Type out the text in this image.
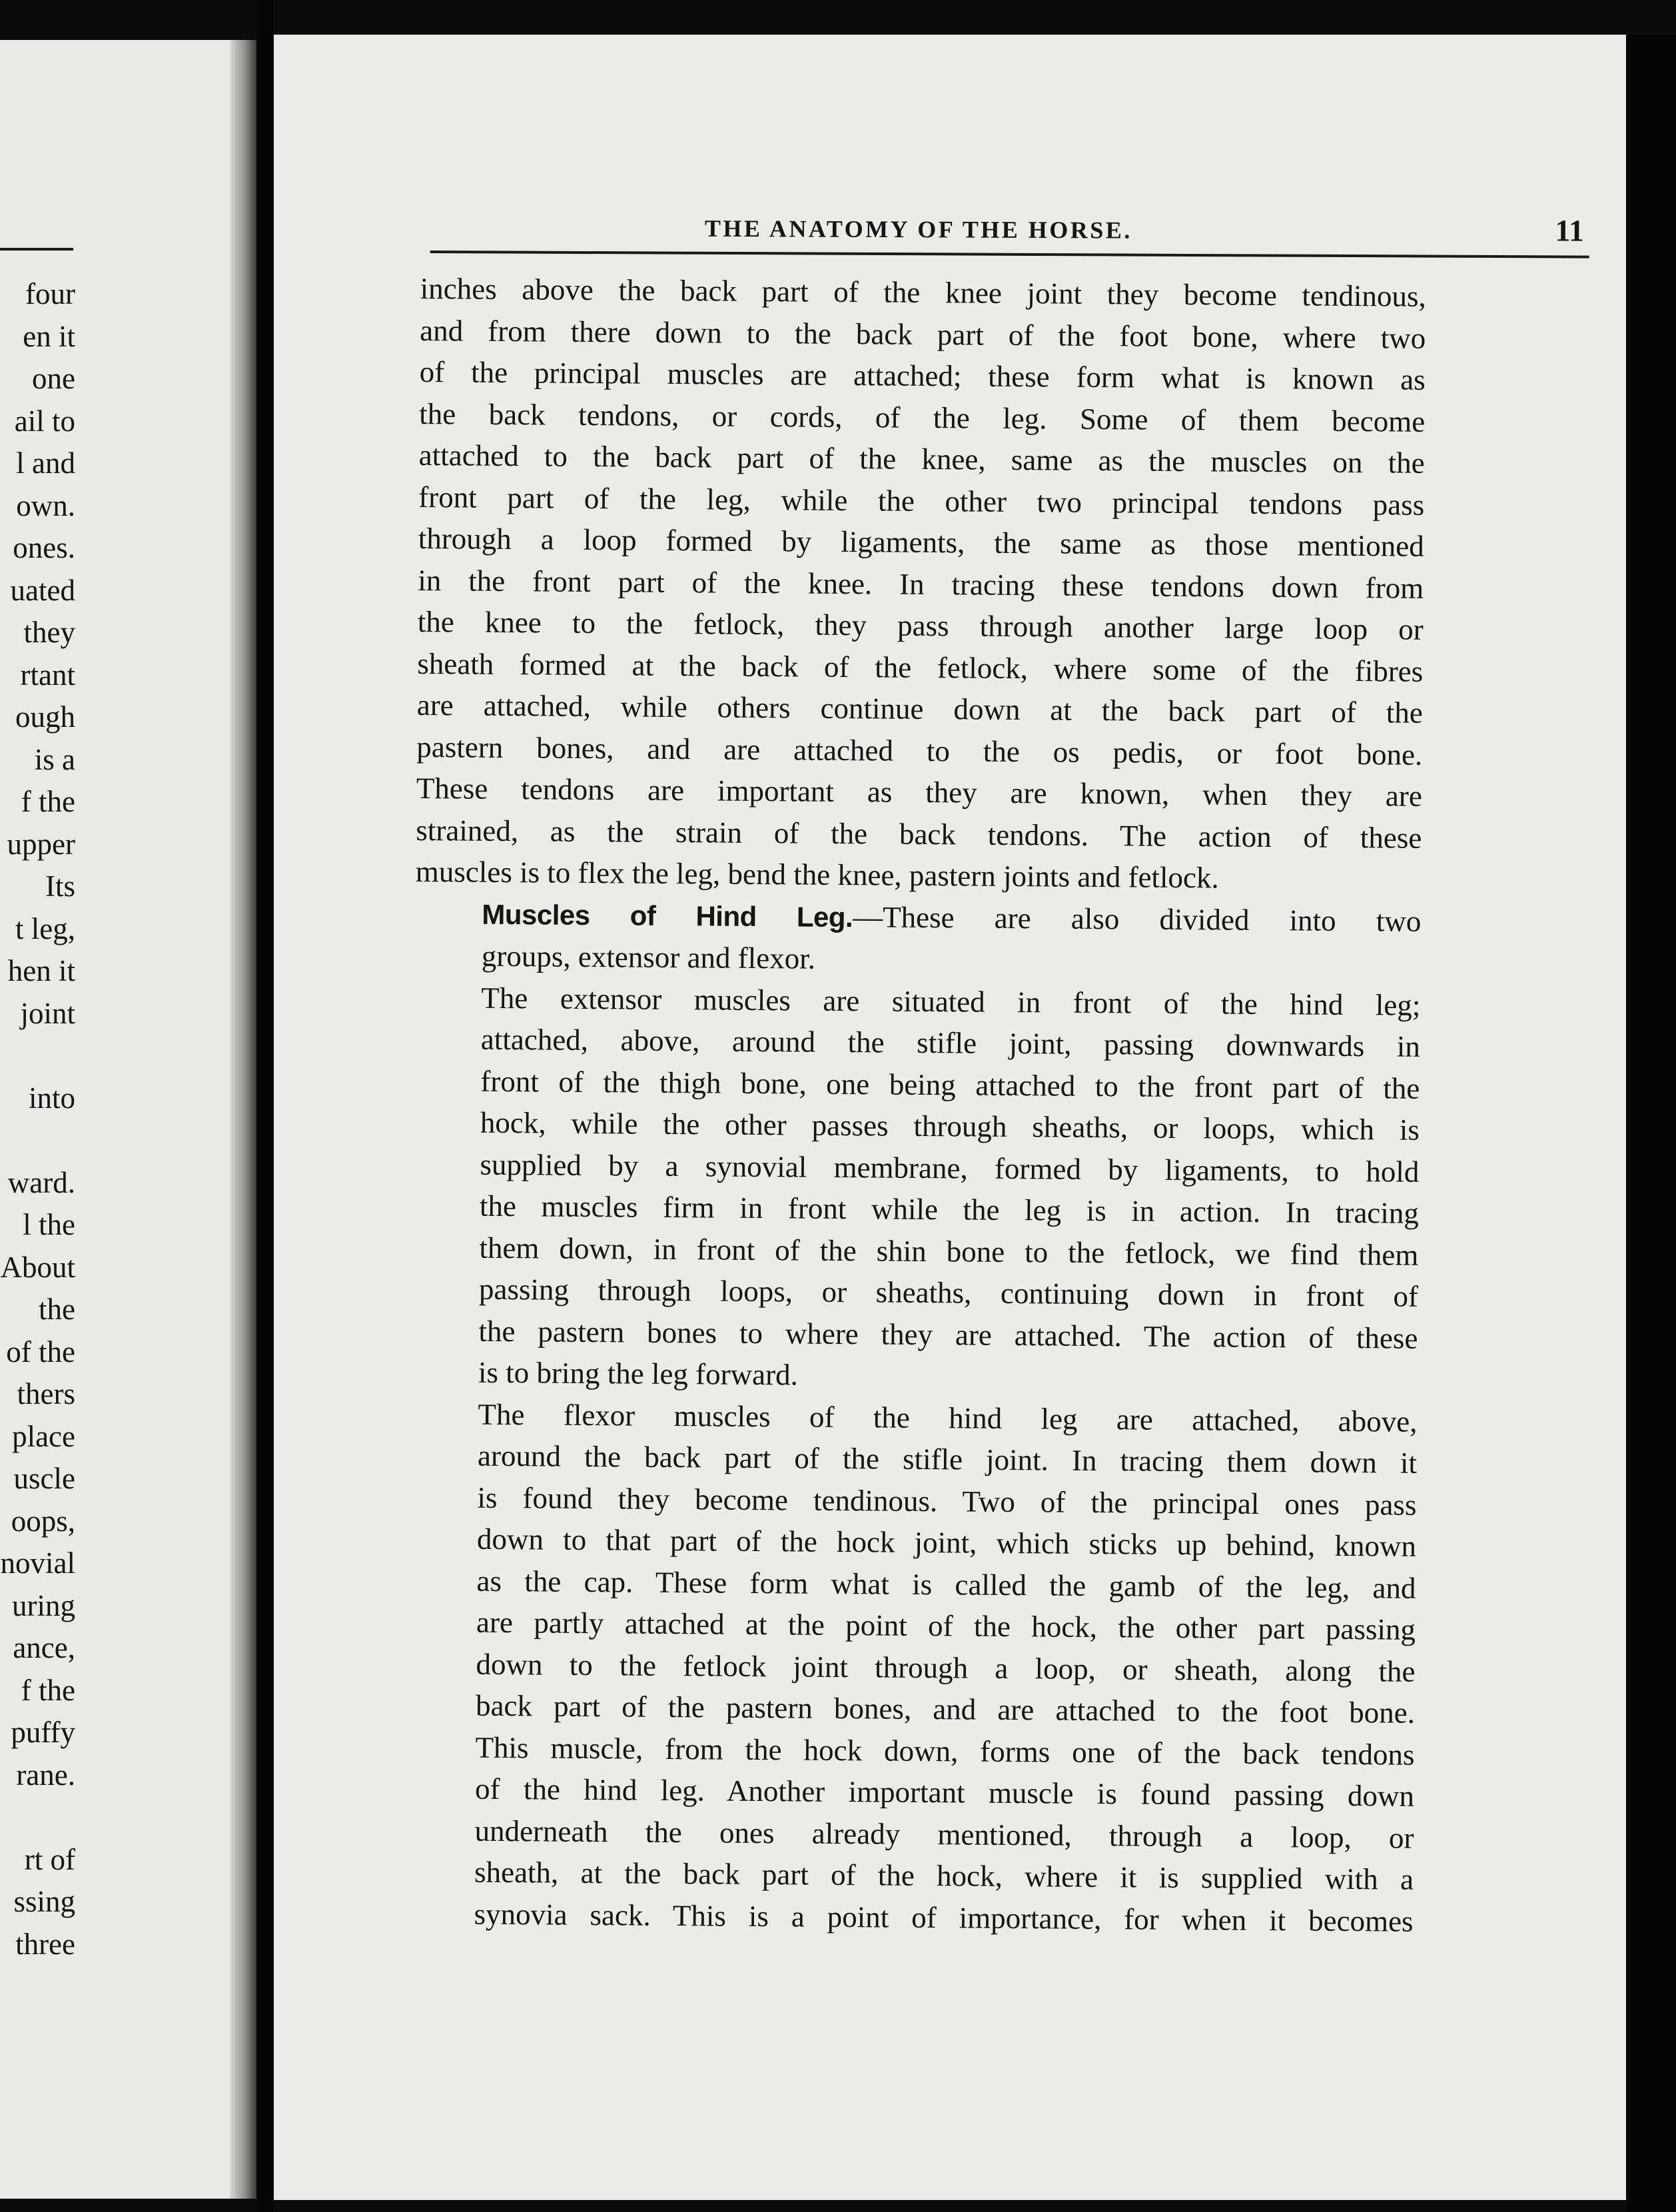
four
en it
one
ail to
l and
own.
ones.
uated
they
rtant
ough
is a
f the
upper
Its
t leg,
hen it
joint
into
ward.
l the
About
the
of the
thers
place
uscle
oops,
novial
uring
ance,
f the
puffy
rane.
rt of
ssing
three
THE ANATOMY OF THE HORSE.	11

inches above the back part of the knee joint they become tendinous,
and from there down to the back part of the foot bone, where two
of the principal muscles are attached; these form what is known as
the back tendons, or cords, of the leg. Some of them become
attached to the back part of the knee, same as the muscles on the
front part of the leg, while the other two principal tendons pass
through a loop formed by ligaments, the same as those mentioned
in the front part of the knee. In tracing these tendons down from
the knee to the fetlock, they pass through another large loop or
sheath formed at the back of the fetlock, where some of the fibres
are attached, while others continue down at the back part of the
pastern bones, and are attached to the os pedis, or foot bone.
These tendons are important as they are known, when they are
strained, as the strain of the back tendons. The action of these
muscles is to flex the leg, bend the knee, pastern joints and fetlock.

Muscles of Hind Leg.—These are also divided into two
groups, extensor and flexor.

The extensor muscles are situated in front of the hind leg;
attached, above, around the stifle joint, passing downwards in
front of the thigh bone, one being attached to the front part of the
hock, while the other passes through sheaths, or loops, which is
supplied by a synovial membrane, formed by ligaments, to hold
the muscles firm in front while the leg is in action. In tracing
them down, in front of the shin bone to the fetlock, we find them
passing through loops, or sheaths, continuing down in front of
the pastern bones to where they are attached. The action of these
is to bring the leg forward.

The flexor muscles of the hind leg are attached, above,
around the back part of the stifle joint. In tracing them down it
is found they become tendinous. Two of the principal ones pass
down to that part of the hock joint, which sticks up behind, known
as the cap. These form what is called the gamb of the leg, and
are partly attached at the point of the hock, the other part passing
down to the fetlock joint through a loop, or sheath, along the
back part of the pastern bones, and are attached to the foot bone.
This muscle, from the hock down, forms one of the back tendons
of the hind leg. Another important muscle is found passing down
underneath the ones already mentioned, through a loop, or
sheath, at the back part of the hock, where it is supplied with a
synovia sack. This is a point of importance, for when it becomes
